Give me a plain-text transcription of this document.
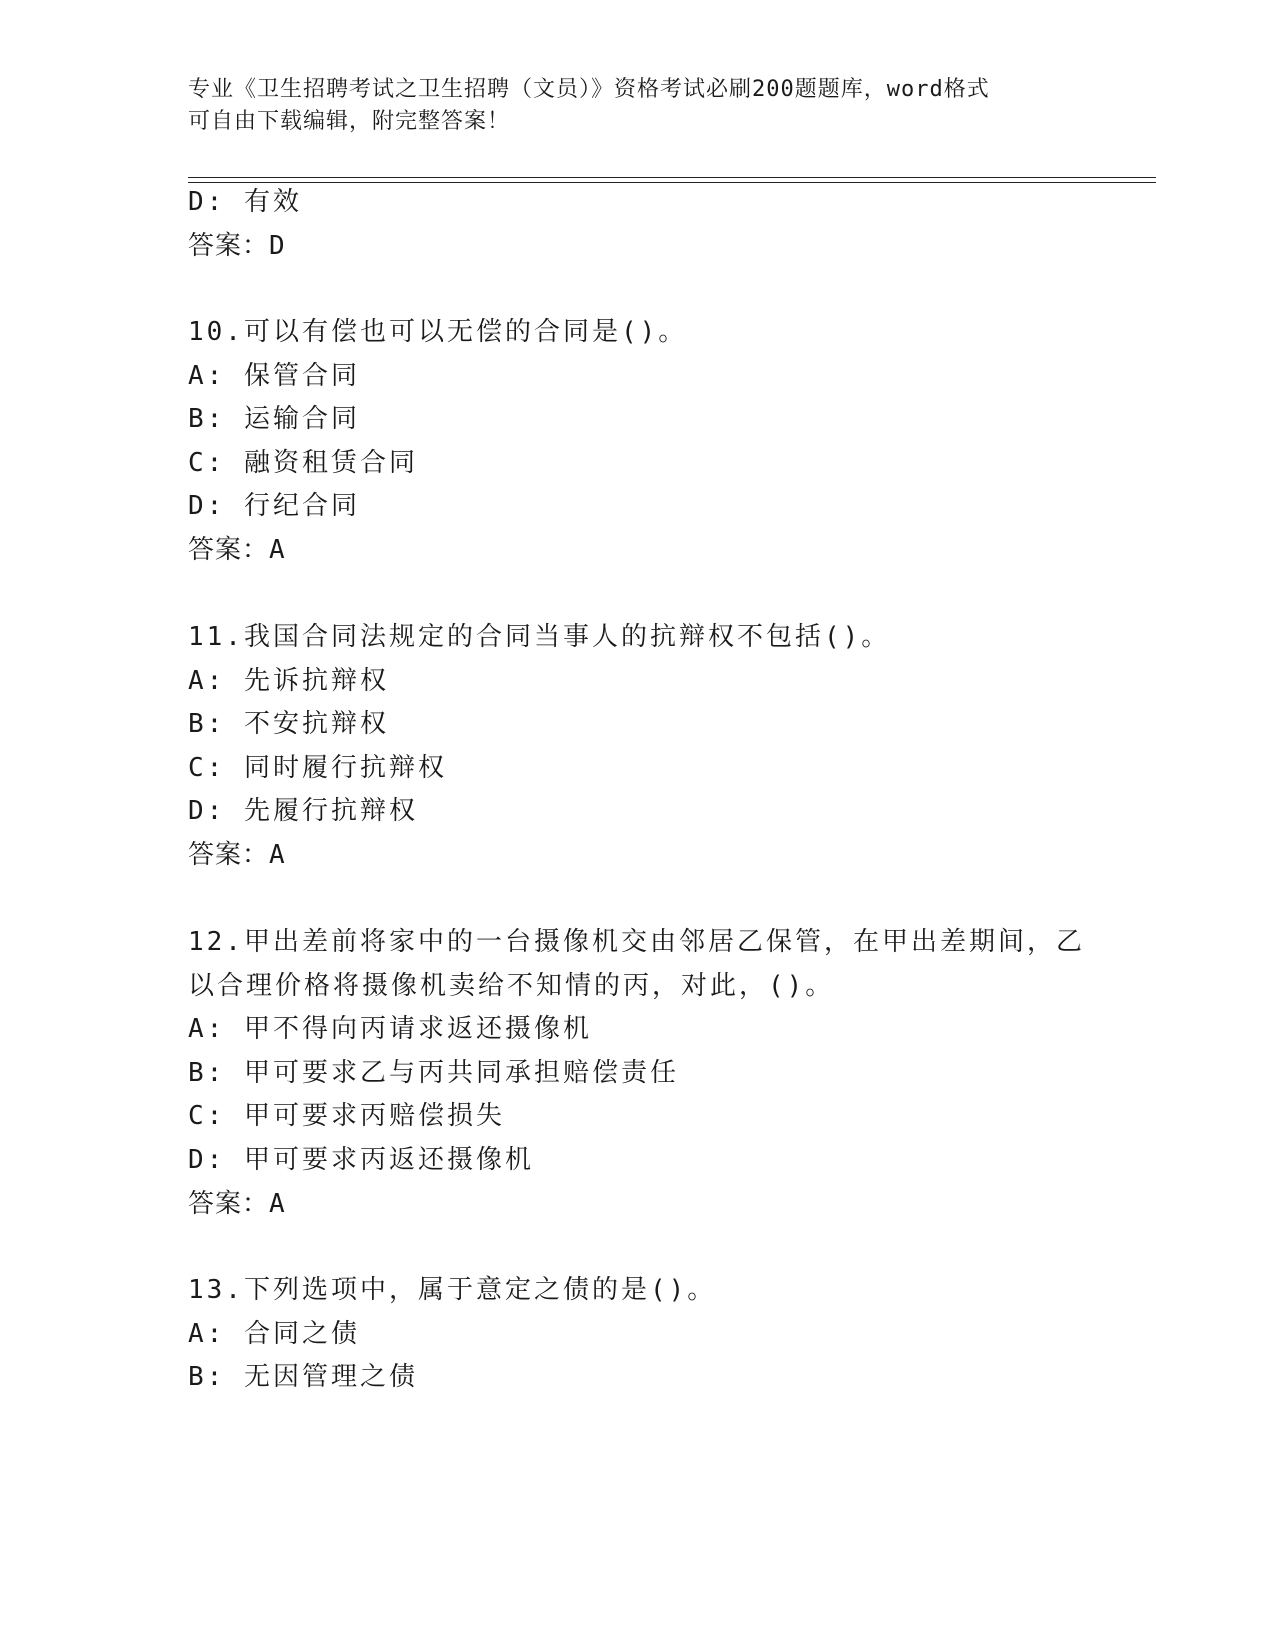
专业《卫生招聘考试之卫生招聘（文员）》资格考试必刷200题题库，word格式
可自由下载编辑，附完整答案！
D: 有效
答案：D
10.可以有偿也可以无偿的合同是()。
A: 保管合同
B: 运输合同
C: 融资租赁合同
D: 行纪合同
答案：A
11.我国合同法规定的合同当事人的抗辩权不包括()。
A: 先诉抗辩权
B: 不安抗辩权
C: 同时履行抗辩权
D: 先履行抗辩权
答案：A
12.甲出差前将家中的一台摄像机交由邻居乙保管，在甲出差期间，乙
以合理价格将摄像机卖给不知情的丙，对此，()。
A: 甲不得向丙请求返还摄像机
B: 甲可要求乙与丙共同承担赔偿责任
C: 甲可要求丙赔偿损失
D: 甲可要求丙返还摄像机
答案：A
13.下列选项中，属于意定之债的是()。
A: 合同之债
B: 无因管理之债
